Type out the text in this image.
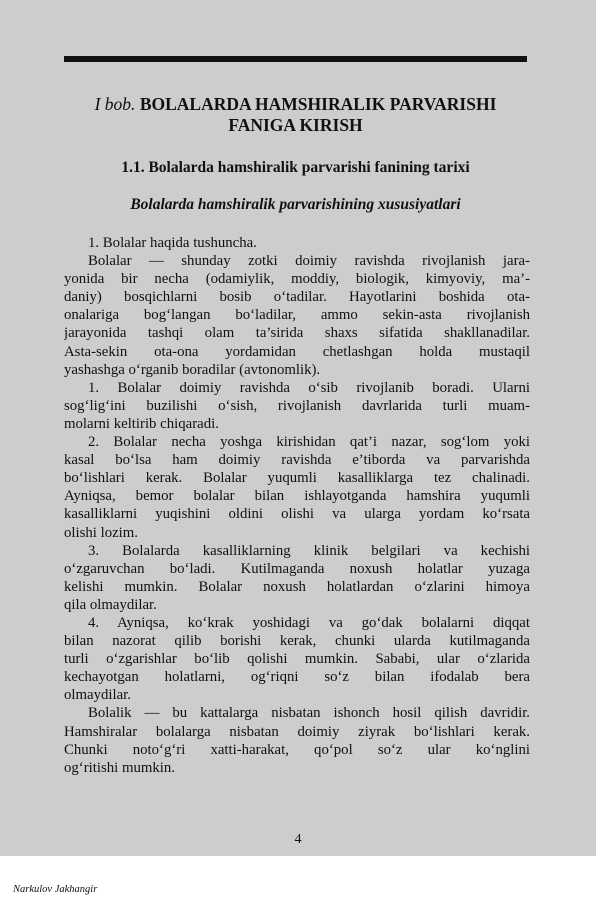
I bob. BOLALARDA HAMSHIRALIK PARVARISHI
FANIGA KIRISH
1.1. Bolalarda hamshiralik parvarishi fanining tarixi
Bolalarda hamshiralik parvarishining xususiyatlari
1. Bolalar haqida tushuncha.
Bolalar — shunday zotki doimiy ravishda rivojlanish jara-
yonida bir necha (odamiylik, moddiy, biologik, kimyoviy, ma’-
daniy) bosqichlarni bosib o‘tadilar. Hayotlarini boshida ota-
onalariga bog‘langan bo‘ladilar, ammo sekin-asta rivojlanish
jarayonida tashqi olam ta’sirida shaxs sifatida shakllanadilar.
Asta-sekin ota-ona yordamidan chetlashgan holda mustaqil
yashashga o‘rganib boradilar (avtonomlik).
1. Bolalar doimiy ravishda o‘sib rivojlanib boradi. Ularni
sog‘lig‘ini buzilishi o‘sish, rivojlanish davrlarida turli muam-
molarni keltirib chiqaradi.
2. Bolalar necha yoshga kirishidan qat’i nazar, sog‘lom yoki
kasal bo‘lsa ham doimiy ravishda e’tiborda va parvarishda
bo‘lishlari kerak. Bolalar yuqumli kasalliklarga tez chalinadi.
Ayniqsa, bemor bolalar bilan ishlayotganda hamshira yuqumli
kasalliklarni yuqishini oldini olishi va ularga yordam ko‘rsata
olishi lozim.
3. Bolalarda kasalliklarning klinik belgilari va kechishi
o‘zgaruvchan bo‘ladi. Kutilmaganda noxush holatlar yuzaga
kelishi mumkin. Bolalar noxush holatlardan o‘zlarini himoya
qila olmaydilar.
4. Ayniqsa, ko‘krak yoshidagi va go‘dak bolalarni diqqat
bilan nazorat qilib borishi kerak, chunki ularda kutilmaganda
turli o‘zgarishlar bo‘lib qolishi mumkin. Sababi, ular o‘zlarida
kechayotgan holatlarni, og‘riqni so‘z bilan ifodalab bera
olmaydilar.
Bolalik — bu kattalarga nisbatan ishonch hosil qilish davridir.
Hamshiralar bolalarga nisbatan doimiy ziyrak bo‘lishlari kerak.
Chunki noto‘g‘ri xatti-harakat, qo‘pol so‘z ular ko‘nglini
og‘ritishi mumkin.
4
Narkulov Jakhangir
